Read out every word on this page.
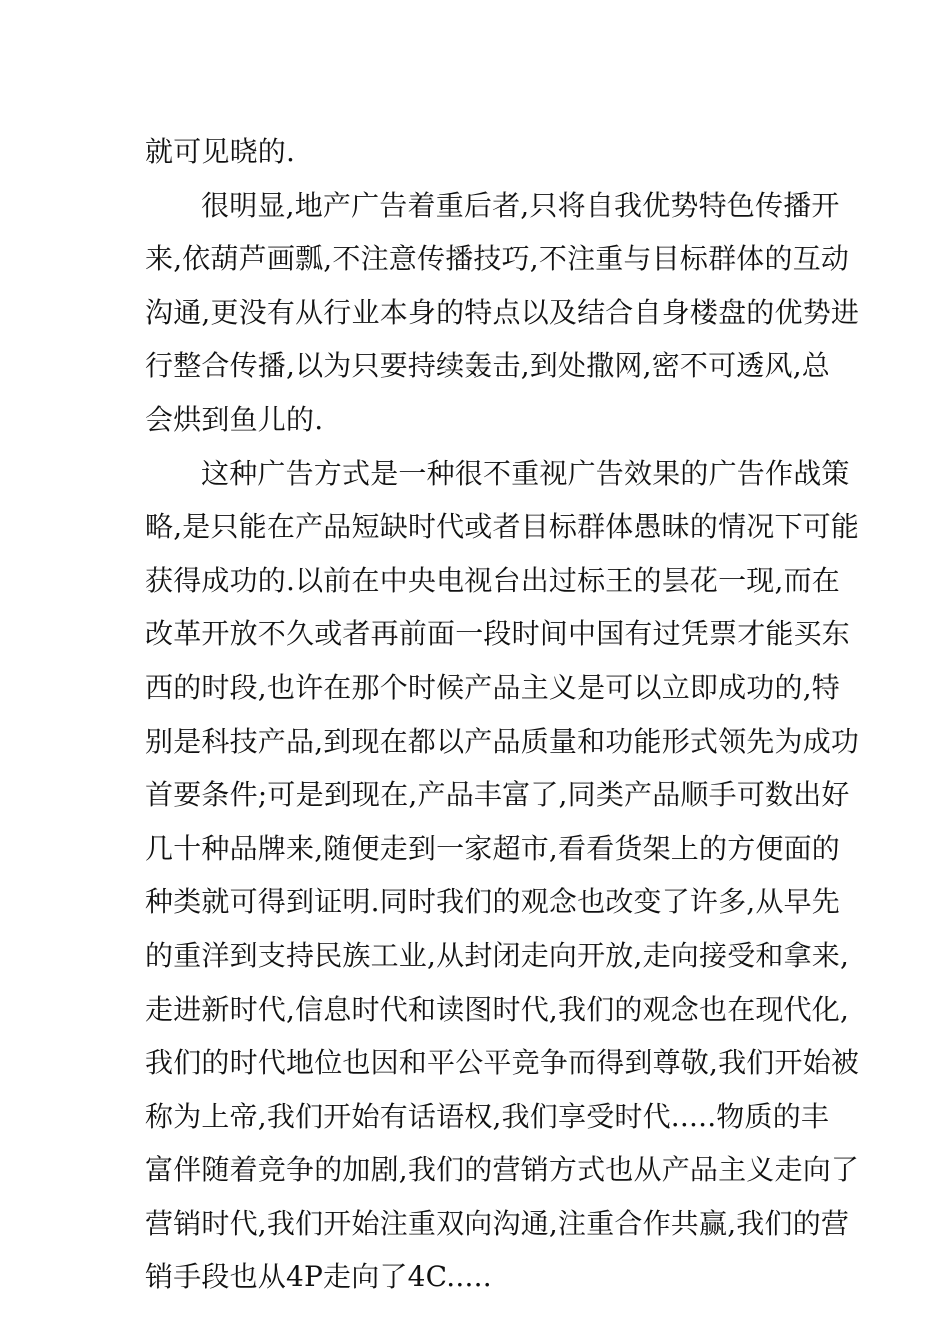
就可见晓的.
很明显,地产广告着重后者,只将自我优势特色传播开
来,依葫芦画瓢,不注意传播技巧,不注重与目标群体的互动
沟通,更没有从行业本身的特点以及结合自身楼盘的优势进
行整合传播,以为只要持续轰击,到处撒网,密不可透风,总
会烘到鱼儿的.
这种广告方式是一种很不重视广告效果的广告作战策
略,是只能在产品短缺时代或者目标群体愚昧的情况下可能
获得成功的.以前在中央电视台出过标王的昙花一现,而在
改革开放不久或者再前面一段时间中国有过凭票才能买东
西的时段,也许在那个时候产品主义是可以立即成功的,特
别是科技产品,到现在都以产品质量和功能形式领先为成功
首要条件;可是到现在,产品丰富了,同类产品顺手可数出好
几十种品牌来,随便走到一家超市,看看货架上的方便面的
种类就可得到证明.同时我们的观念也改变了许多,从早先
的重洋到支持民族工业,从封闭走向开放,走向接受和拿来,
走进新时代,信息时代和读图时代,我们的观念也在现代化,
我们的时代地位也因和平公平竞争而得到尊敬,我们开始被
称为上帝,我们开始有话语权,我们享受时代.....物质的丰
富伴随着竞争的加剧,我们的营销方式也从产品主义走向了
营销时代,我们开始注重双向沟通,注重合作共赢,我们的营
销手段也从4P走向了4C.....
